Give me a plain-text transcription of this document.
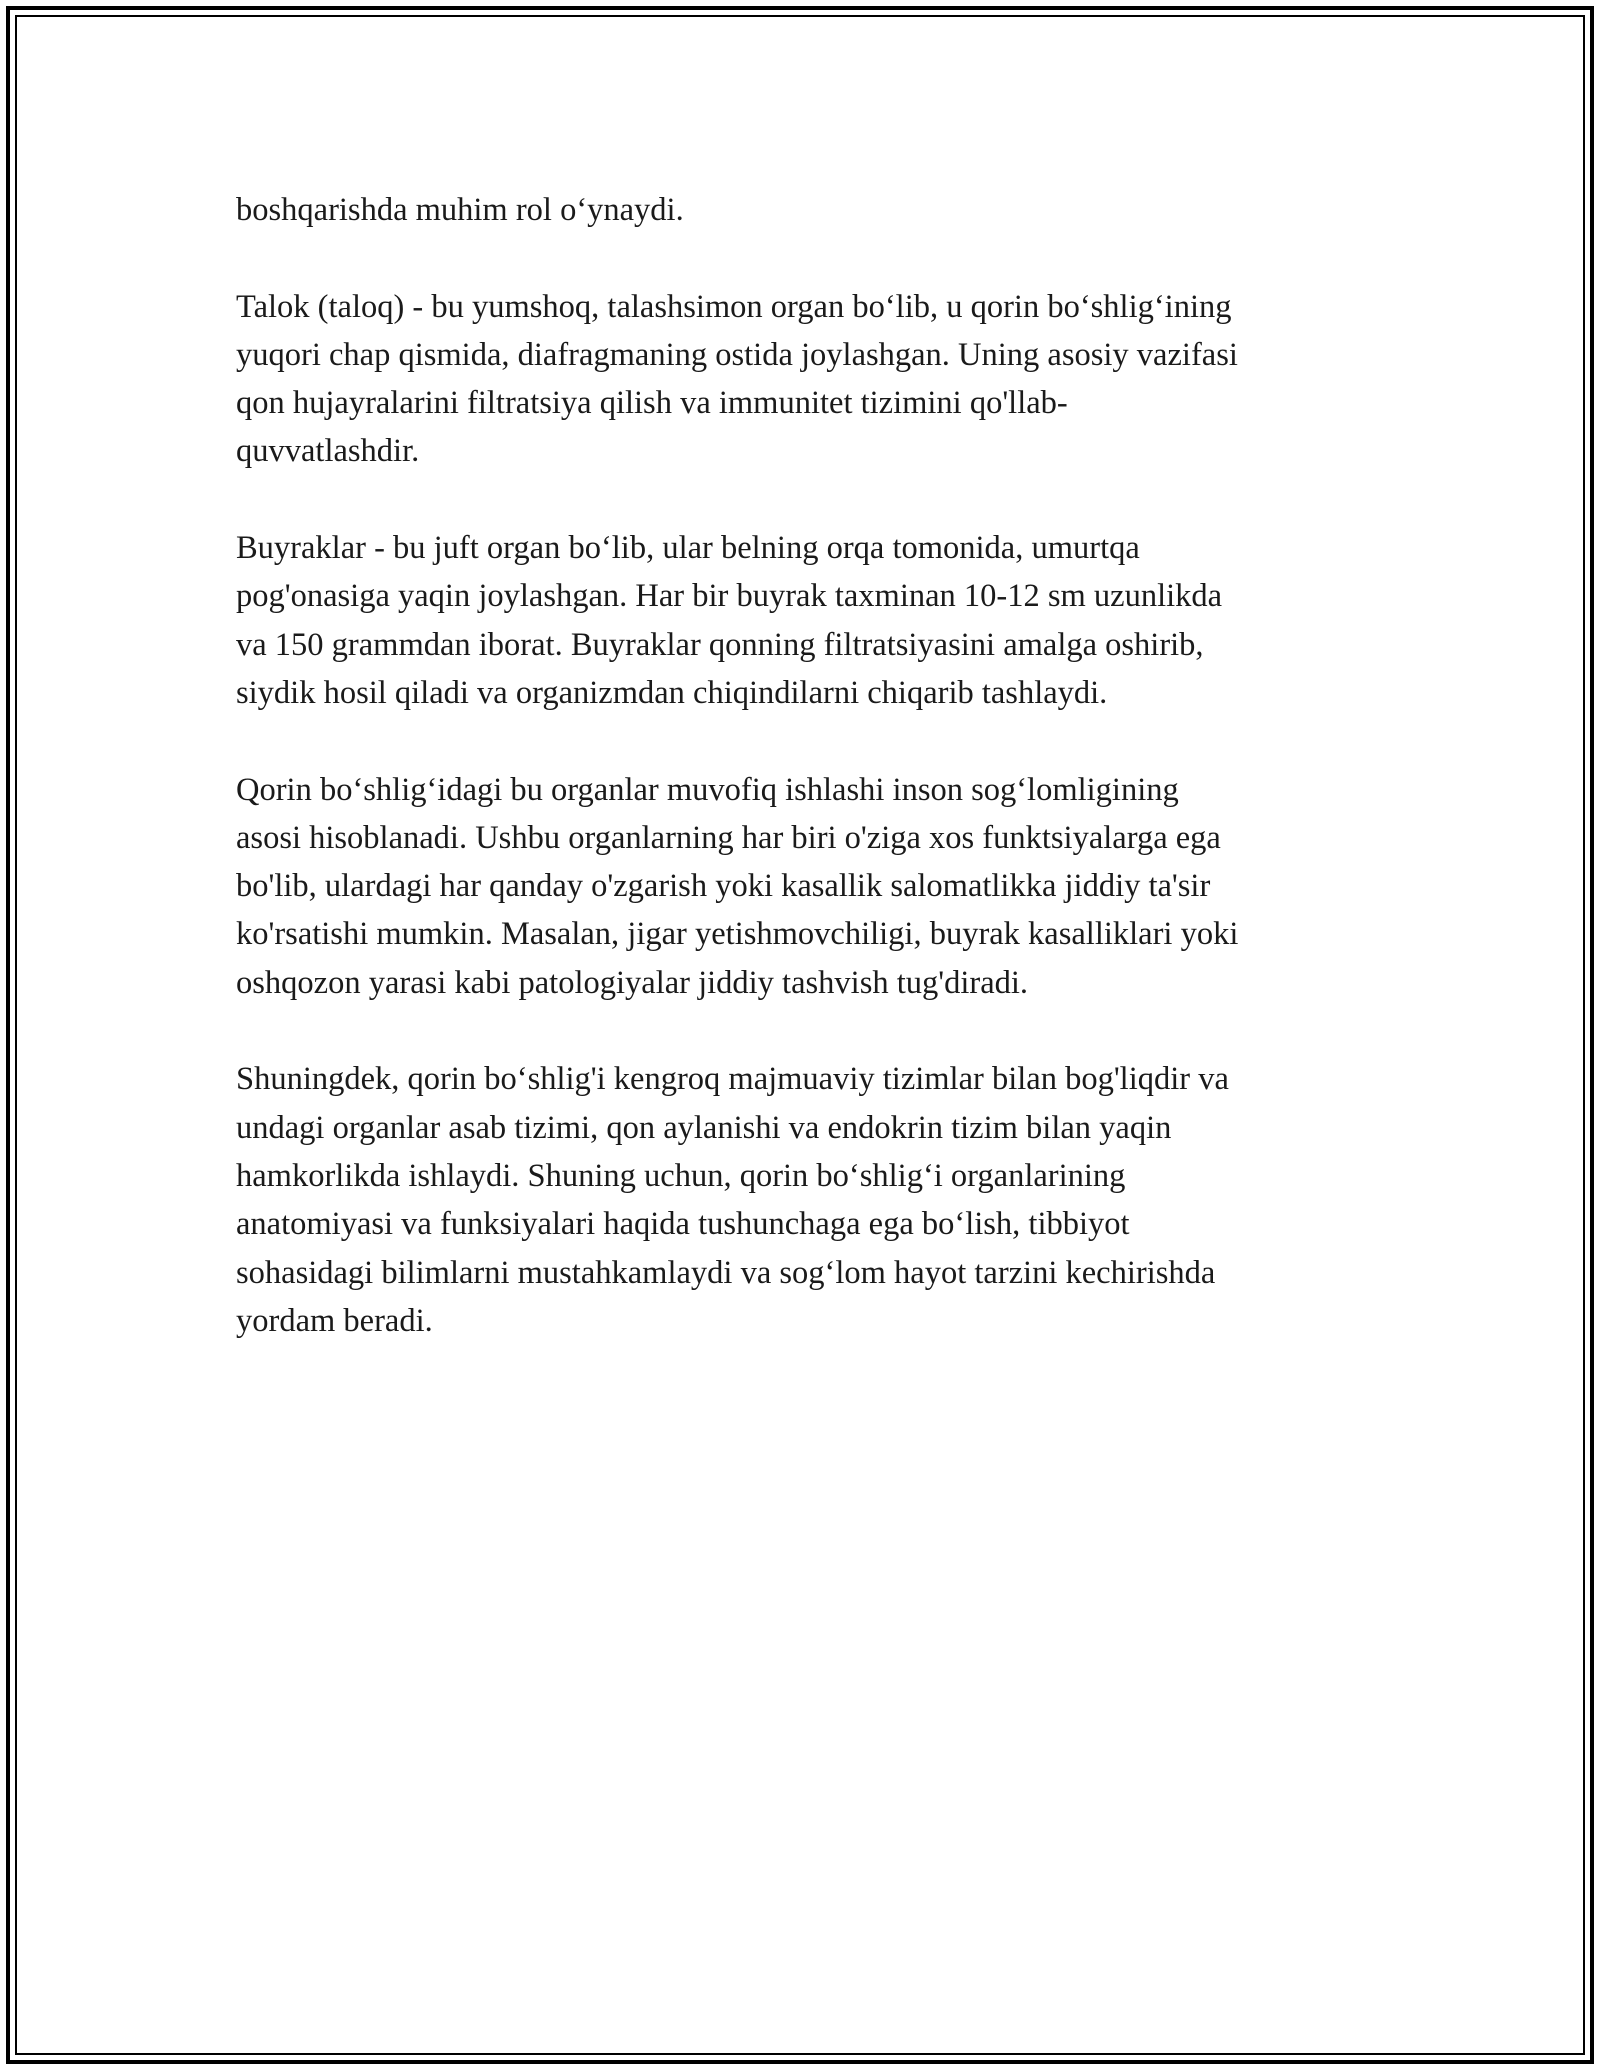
boshqarishda muhim rol o‘ynaydi.
Talok (taloq) - bu yumshoq, talashsimon organ bo‘lib, u qorin bo‘shlig‘ining
yuqori chap qismida, diafragmaning ostida joylashgan. Uning asosiy vazifasi
qon hujayralarini filtratsiya qilish va immunitet tizimini qo'llab-
quvvatlashdir.
Buyraklar - bu juft organ bo‘lib, ular belning orqa tomonida, umurtqa
pog'onasiga yaqin joylashgan. Har bir buyrak taxminan 10-12 sm uzunlikda
va 150 grammdan iborat. Buyraklar qonning filtratsiyasini amalga oshirib,
siydik hosil qiladi va organizmdan chiqindilarni chiqarib tashlaydi.
Qorin bo‘shlig‘idagi bu organlar muvofiq ishlashi inson sog‘lomligining
asosi hisoblanadi. Ushbu organlarning har biri o'ziga xos funktsiyalarga ega
bo'lib, ulardagi har qanday o'zgarish yoki kasallik salomatlikka jiddiy ta'sir
ko'rsatishi mumkin. Masalan, jigar yetishmovchiligi, buyrak kasalliklari yoki
oshqozon yarasi kabi patologiyalar jiddiy tashvish tug'diradi.
Shuningdek, qorin bo‘shlig'i kengroq majmuaviy tizimlar bilan bog'liqdir va
undagi organlar asab tizimi, qon aylanishi va endokrin tizim bilan yaqin
hamkorlikda ishlaydi. Shuning uchun, qorin bo‘shlig‘i organlarining
anatomiyasi va funksiyalari haqida tushunchaga ega bo‘lish, tibbiyot
sohasidagi bilimlarni mustahkamlaydi va sog‘lom hayot tarzini kechirishda
yordam beradi.
